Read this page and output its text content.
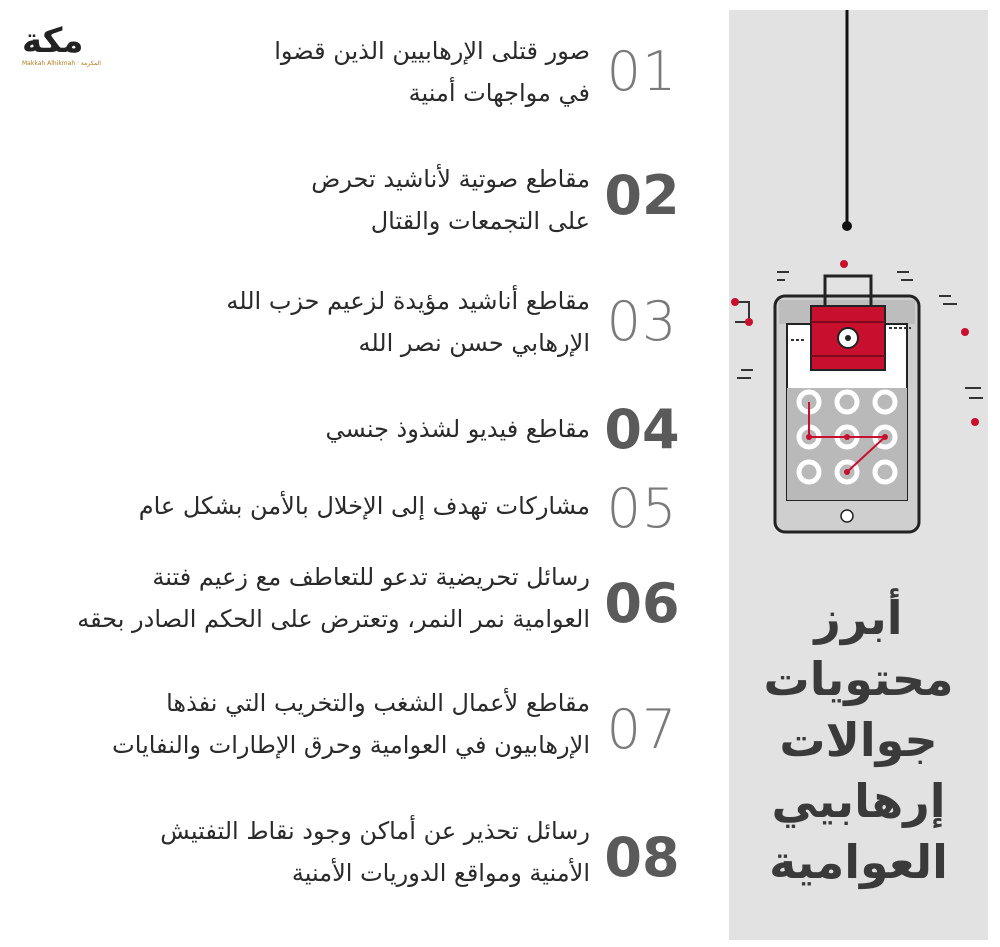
مكة
Makkah Alhikmah · المكرمة	01
صور قتلى الإرهابيين الذين قضوا
في مواجهات أمنية
02
مقاطع صوتية لأناشيد تحرض
على التجمعات والقتال
03
مقاطع أناشيد مؤيدة لزعيم حزب الله
الإرهابي حسن نصر الله
04
مقاطع فيديو لشذوذ جنسي
05
مشاركات تهدف إلى الإخلال بالأمن بشكل عام
06
رسائل تحريضية تدعو للتعاطف مع زعيم فتنة
العوامية نمر النمر، وتعترض على الحكم الصادر بحقه
07
مقاطع لأعمال الشغب والتخريب التي نفذها
الإرهابيون في العوامية وحرق الإطارات والنفايات
08
رسائل تحذير عن أماكن وجود نقاط التفتيش
الأمنية ومواقع الدوريات الأمنية
أبرز
محتويات
جوالات
إرهابيي
العوامية
